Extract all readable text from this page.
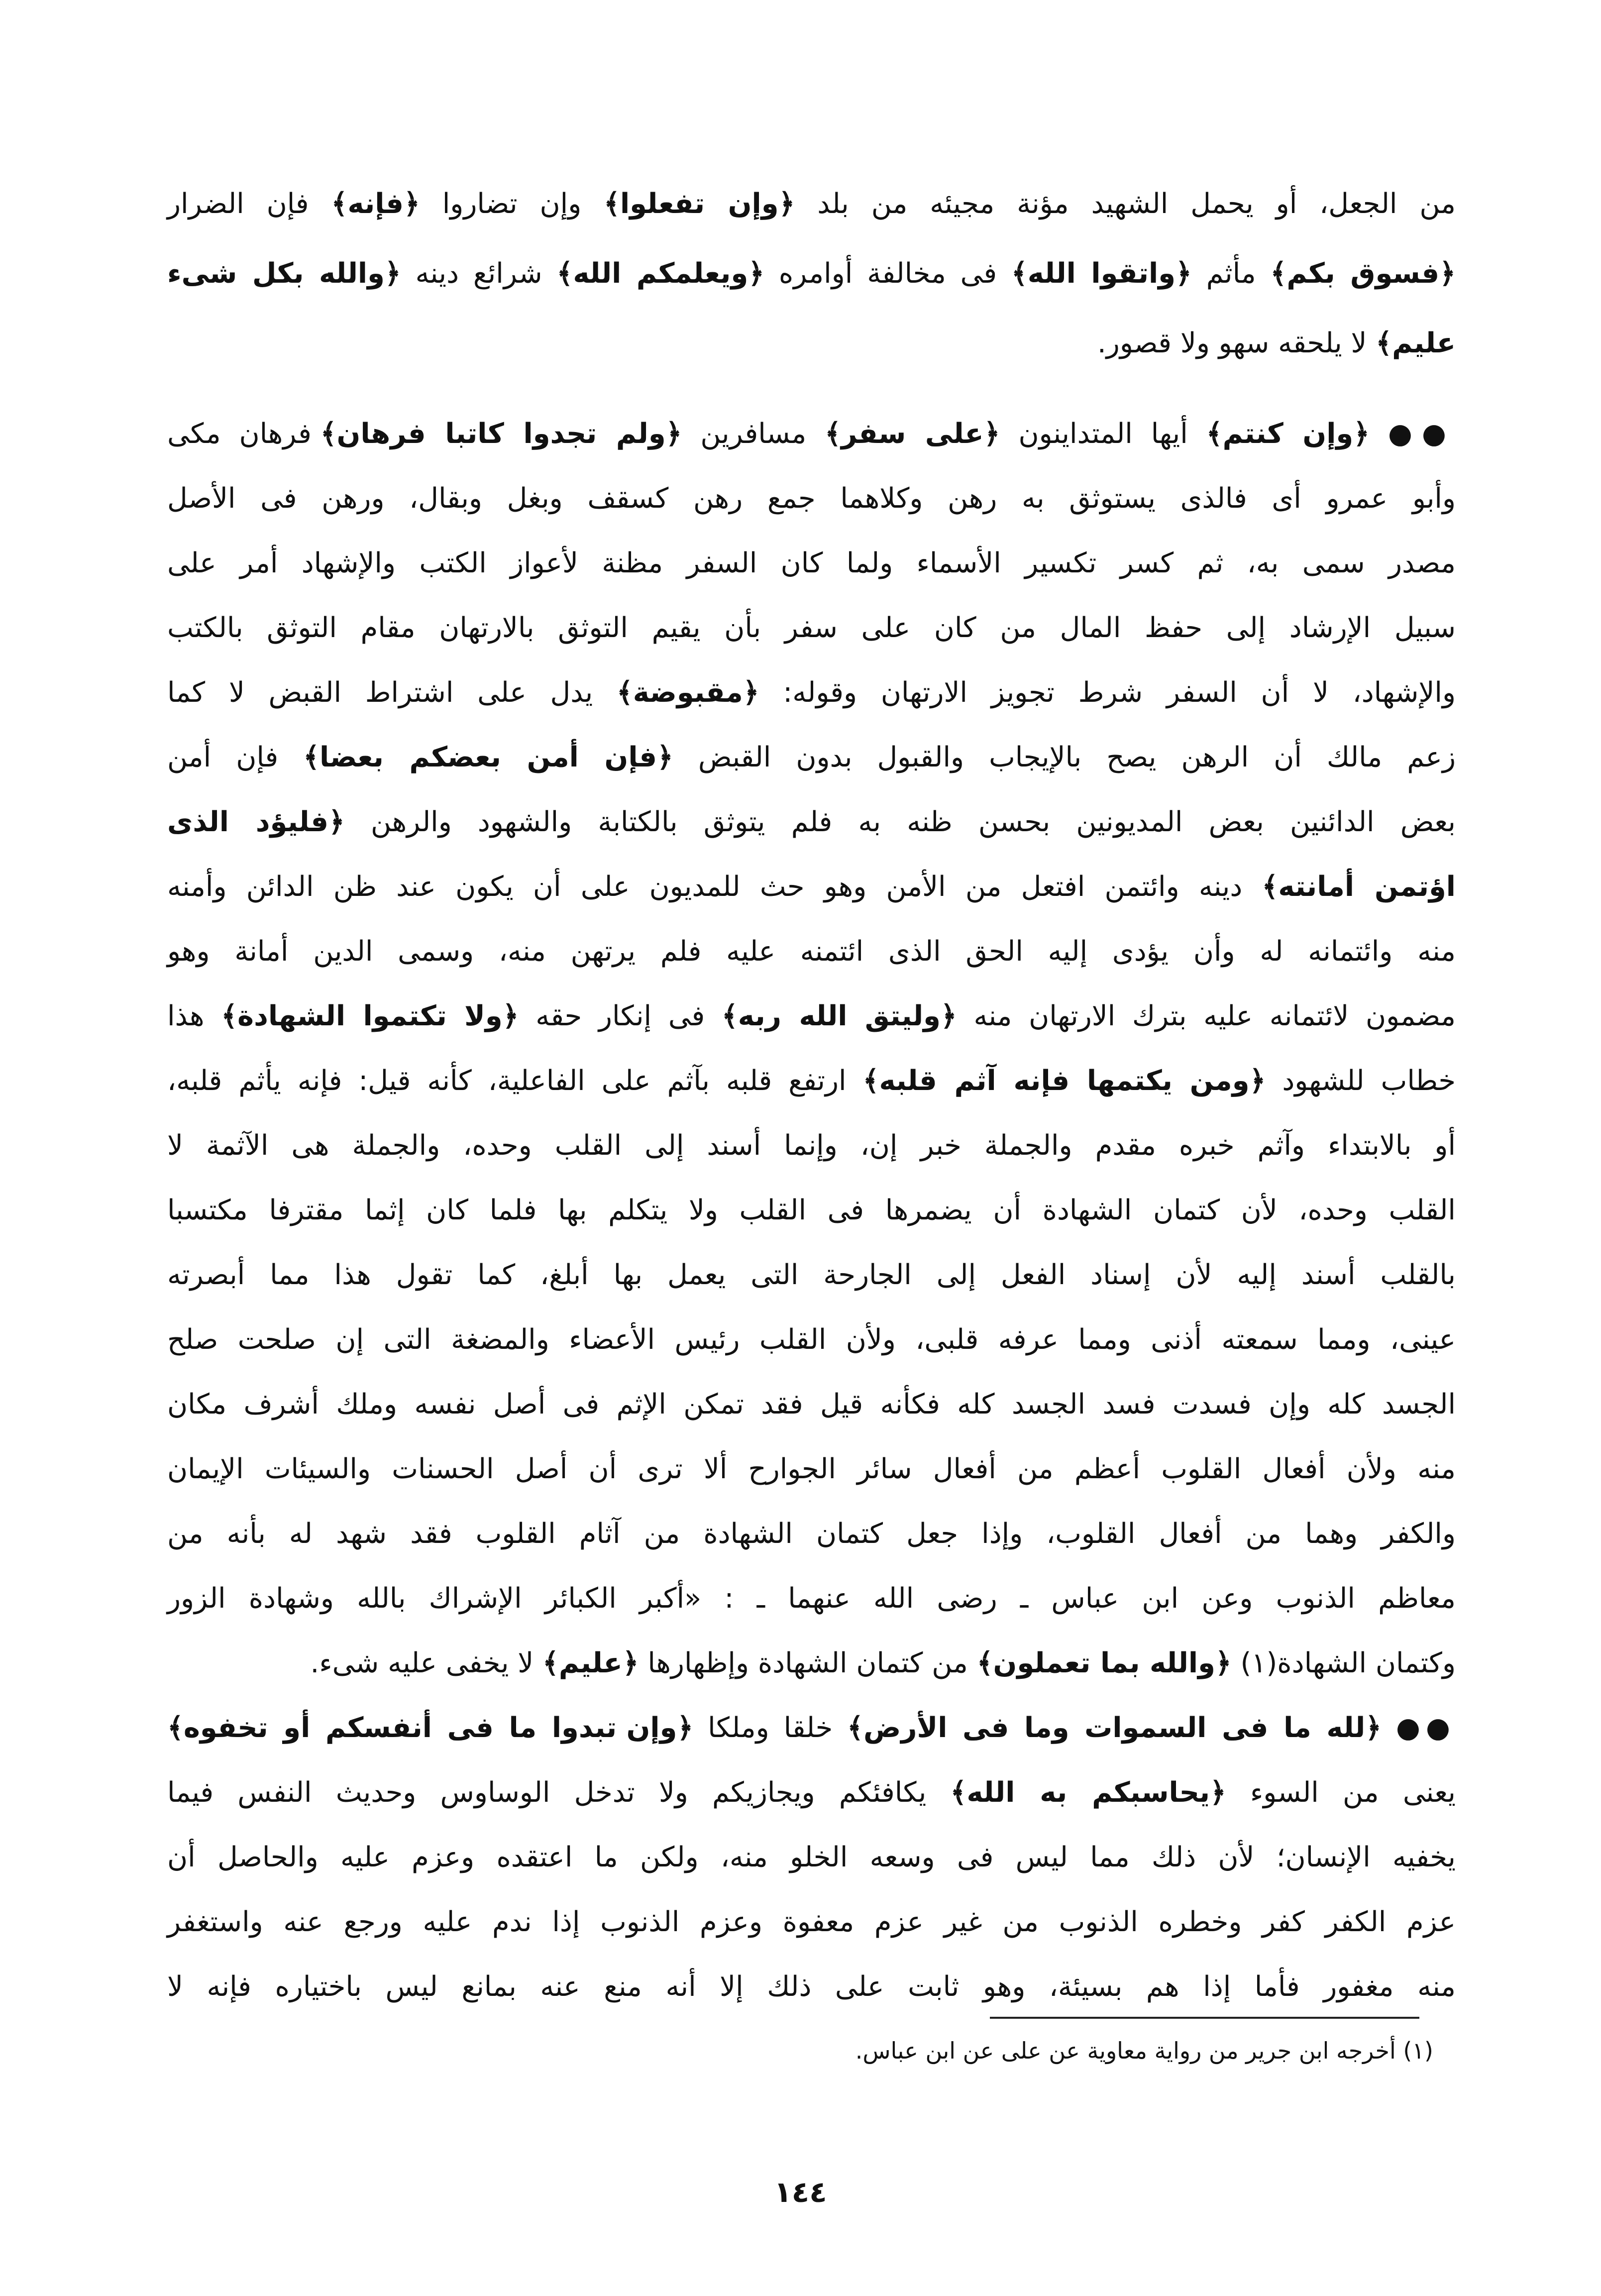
من الجعل، أو يحمل الشهيد مؤنة مجيئه من بلد ﴿وإن تفعلوا﴾ وإن تضاروا ﴿فإنه﴾ فإن الضرار
﴿فسوق بكم﴾ مأثم ﴿واتقوا الله﴾ فى مخالفة أوامره ﴿ويعلمكم الله﴾ شرائع دينه ﴿والله بكل شىء
عليم﴾ لا يلحقه سهو ولا قصور.
●● ﴿وإن كنتم﴾ أيها المتداينون ﴿على سفر﴾ مسافرين ﴿ولم تجدوا كاتبا فرهان﴾ فرهان مكى
وأبو عمرو أى فالذى يستوثق به رهن وكلاهما جمع رهن كسقف وبغل وبقال، ورهن فى الأصل
مصدر سمى به، ثم كسر تكسير الأسماء ولما كان السفر مظنة لأعواز الكتب والإشهاد أمر على
سبيل الإرشاد إلى حفظ المال من كان على سفر بأن يقيم التوثق بالارتهان مقام التوثق بالكتب
والإشهاد، لا أن السفر شرط تجويز الارتهان وقوله: ﴿مقبوضة﴾ يدل على اشتراط القبض لا كما
زعم مالك أن الرهن يصح بالإيجاب والقبول بدون القبض ﴿فإن أمن بعضكم بعضا﴾ فإن أمن
بعض الدائنين بعض المديونين بحسن ظنه به فلم يتوثق بالكتابة والشهود والرهن ﴿فليؤد الذى
اؤتمن أمانته﴾ دينه وائتمن افتعل من الأمن وهو حث للمديون على أن يكون عند ظن الدائن وأمنه
منه وائتمانه له وأن يؤدى إليه الحق الذى ائتمنه عليه فلم يرتهن منه، وسمى الدين أمانة وهو
مضمون لائتمانه عليه بترك الارتهان منه ﴿وليتق الله ربه﴾ فى إنكار حقه ﴿ولا تكتموا الشهادة﴾ هذا
خطاب للشهود ﴿ومن يكتمها فإنه آثم قلبه﴾ ارتفع قلبه بآثم على الفاعلية، كأنه قيل: فإنه يأثم قلبه،
أو بالابتداء وآثم خبره مقدم والجملة خبر إن، وإنما أسند إلى القلب وحده، والجملة هى الآثمة لا
القلب وحده، لأن كتمان الشهادة أن يضمرها فى القلب ولا يتكلم بها فلما كان إثما مقترفا مكتسبا
بالقلب أسند إليه لأن إسناد الفعل إلى الجارحة التى يعمل بها أبلغ، كما تقول هذا مما أبصرته
عينى، ومما سمعته أذنى ومما عرفه قلبى، ولأن القلب رئيس الأعضاء والمضغة التى إن صلحت صلح
الجسد كله وإن فسدت فسد الجسد كله فكأنه قيل فقد تمكن الإثم فى أصل نفسه وملك أشرف مكان
منه ولأن أفعال القلوب أعظم من أفعال سائر الجوارح ألا ترى أن أصل الحسنات والسيئات الإيمان
والكفر وهما من أفعال القلوب، وإذا جعل كتمان الشهادة من آثام القلوب فقد شهد له بأنه من
معاظم الذنوب وعن ابن عباس ـ رضى الله عنهما ـ : «أكبر الكبائر الإشراك بالله وشهادة الزور
وكتمان الشهادة(١) ﴿والله بما تعملون﴾ من كتمان الشهادة وإظهارها ﴿عليم﴾ لا يخفى عليه شىء.
●● ﴿لله ما فى السموات وما فى الأرض﴾ خلقا وملكا ﴿وإن تبدوا ما فى أنفسكم أو تخفوه﴾
يعنى من السوء ﴿يحاسبكم به الله﴾ يكافئكم ويجازيكم ولا تدخل الوساوس وحديث النفس فيما
يخفيه الإنسان؛ لأن ذلك مما ليس فى وسعه الخلو منه، ولكن ما اعتقده وعزم عليه والحاصل أن
عزم الكفر كفر وخطره الذنوب من غير عزم معفوة وعزم الذنوب إذا ندم عليه ورجع عنه واستغفر
منه مغفور فأما إذا هم بسيئة، وهو ثابت على ذلك إلا أنه منع عنه بمانع ليس باختياره فإنه لا
(١) أخرجه ابن جرير من رواية معاوية عن على عن ابن عباس.
١٤٤
